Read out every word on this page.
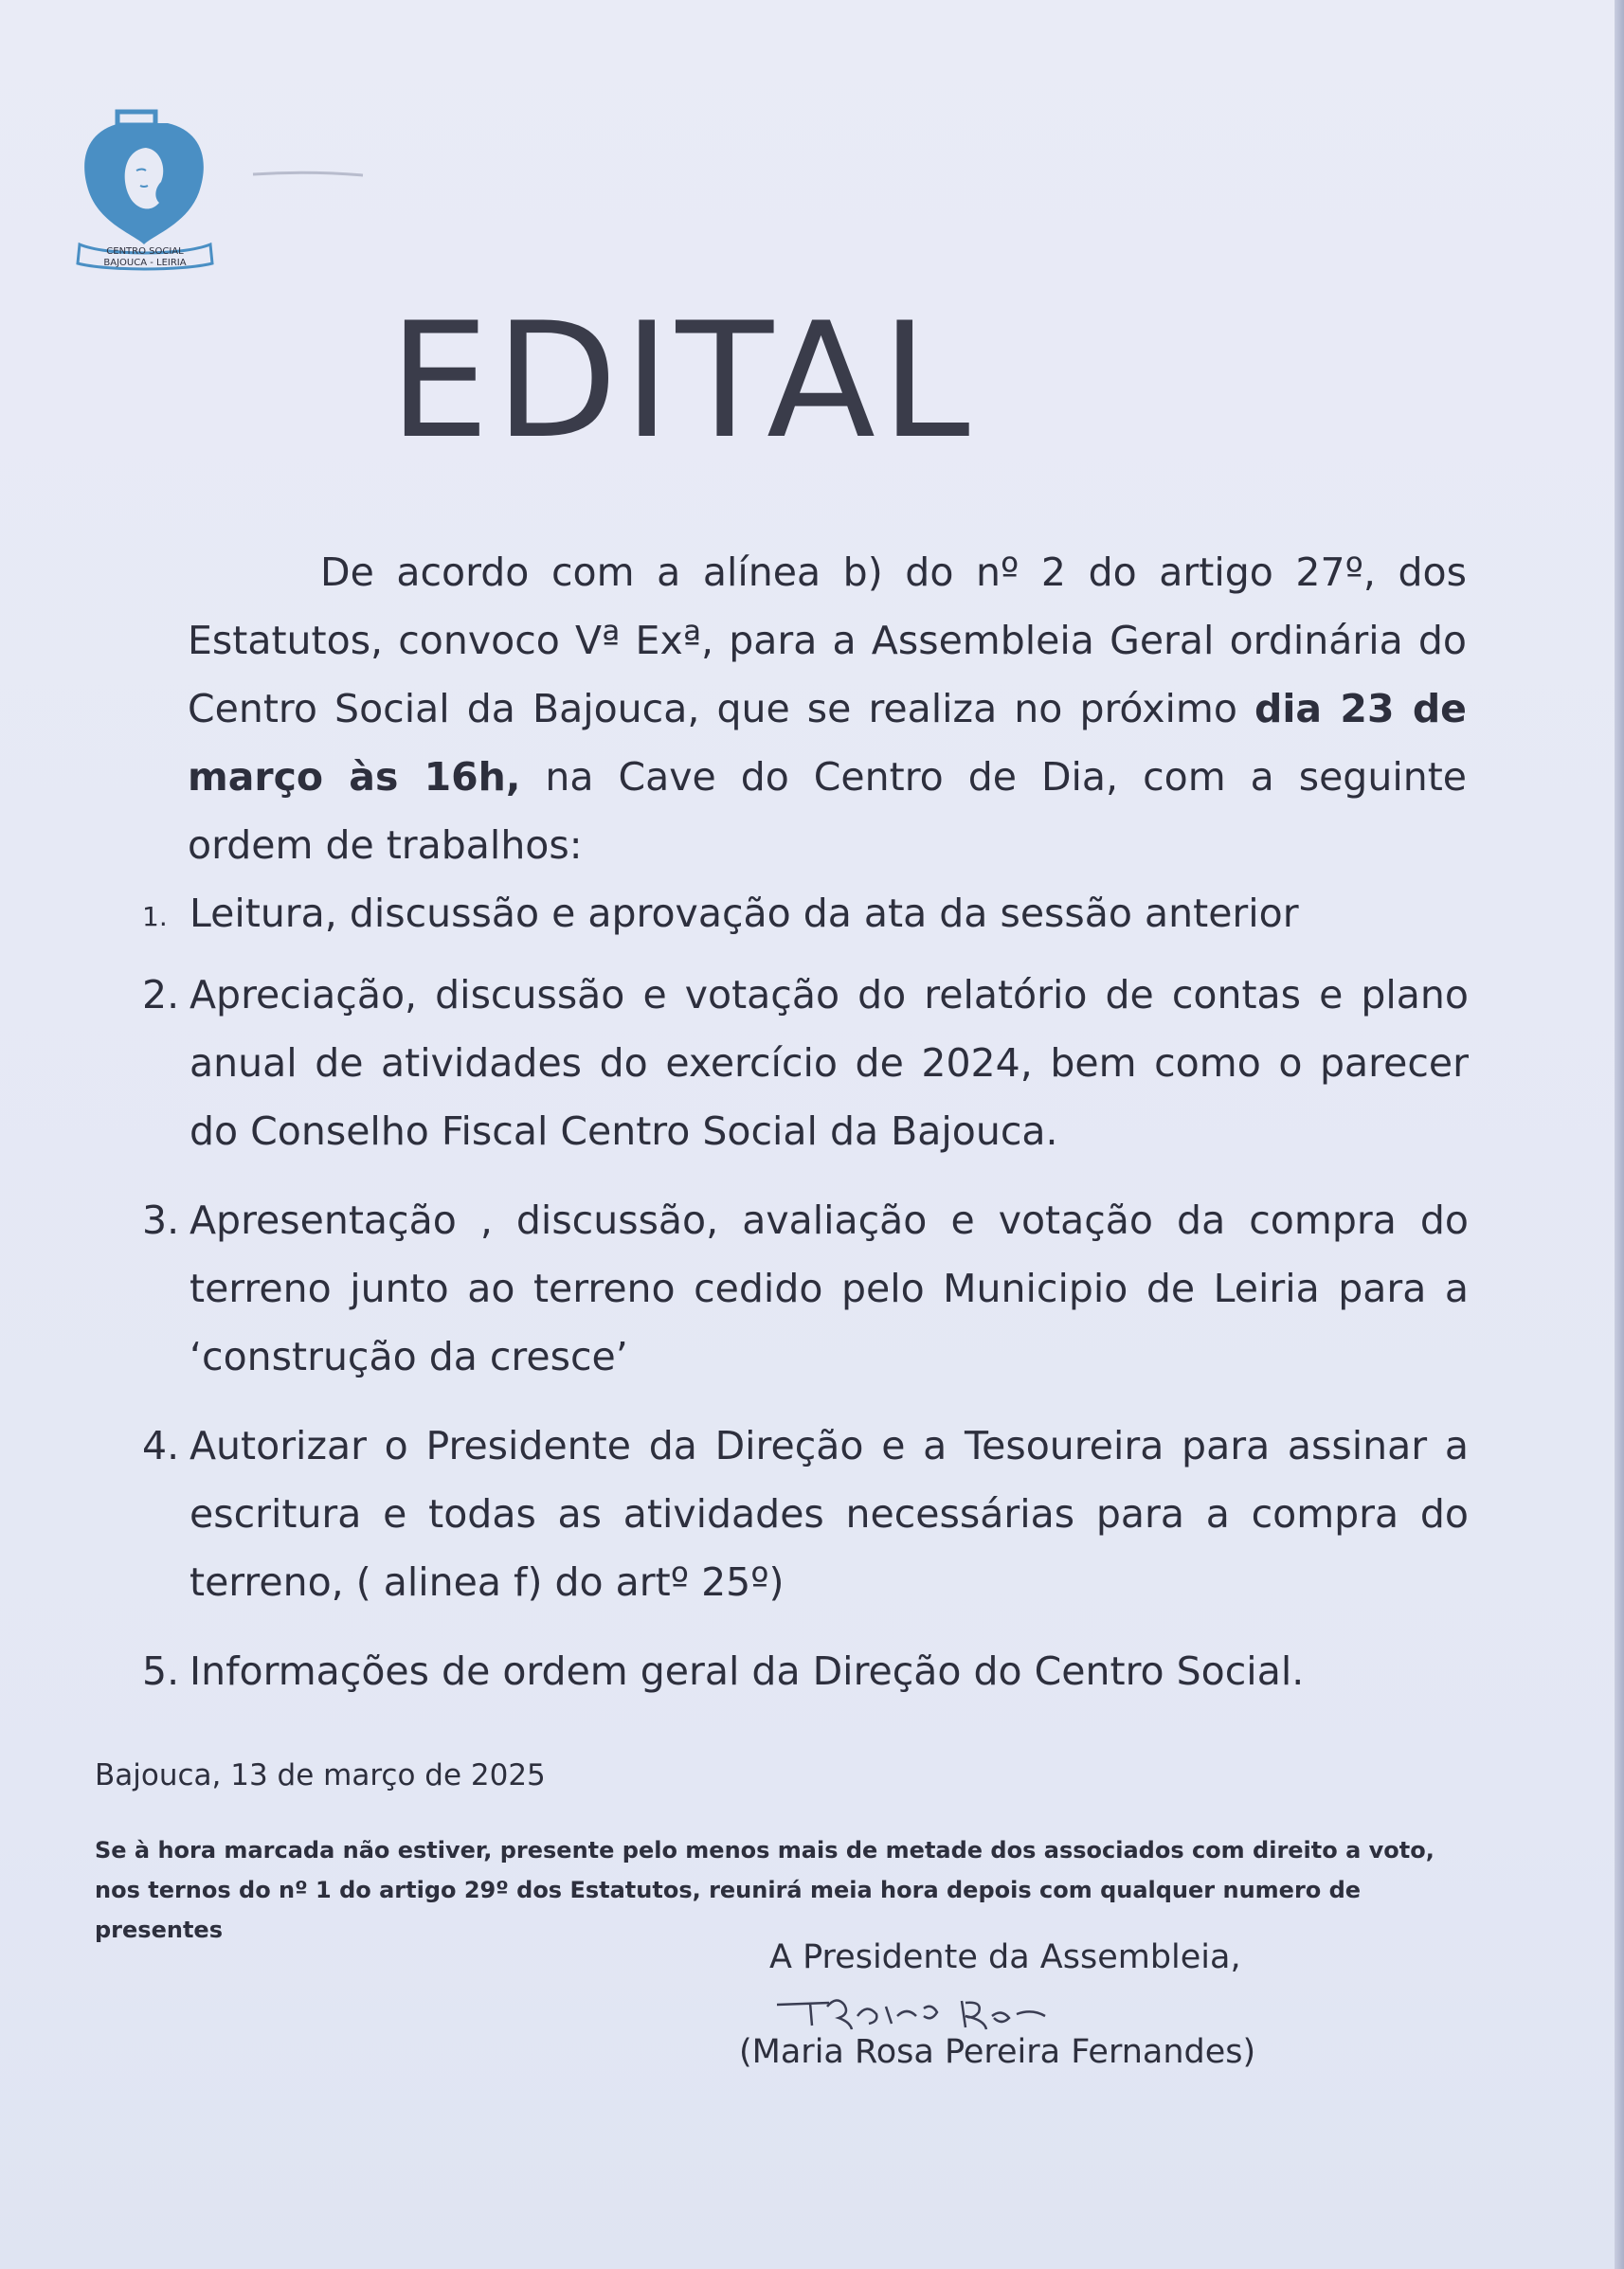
CENTRO SOCIAL
BAJOUCA - LEIRIA
EDITAL
De acordo com a alínea b) do nº 2 do artigo 27º, dos Estatutos, convoco Vª Exª, para a Assembleia Geral ordinária do Centro Social da Bajouca, que se realiza no próximo dia 23 de março às 16h, na Cave do Centro de Dia, com a seguinte ordem de trabalhos:
1. Leitura, discussão e aprovação da ata da sessão anterior
2. Apreciação, discussão e votação do relatório de contas e plano anual de atividades do exercício de 2024, bem como o parecer do Conselho Fiscal Centro Social da Bajouca.
3. Apresentação , discussão, avaliação e votação da compra do terreno junto ao terreno cedido pelo Municipio de Leiria para a ‘construção da cresce’
4. Autorizar o Presidente da Direção e a Tesoureira para assinar a escritura e todas as atividades necessárias para a compra do terreno, ( alinea f) do artº 25º)
5. Informações de ordem geral da Direção do Centro Social.
Bajouca, 13 de março de 2025
Se à hora marcada não estiver, presente pelo menos mais de metade dos associados com direito a voto, nos ternos do nº 1 do artigo 29º dos Estatutos, reunirá meia hora depois com qualquer numero de presentes
A Presidente da Assembleia,
(Maria Rosa Pereira Fernandes)
